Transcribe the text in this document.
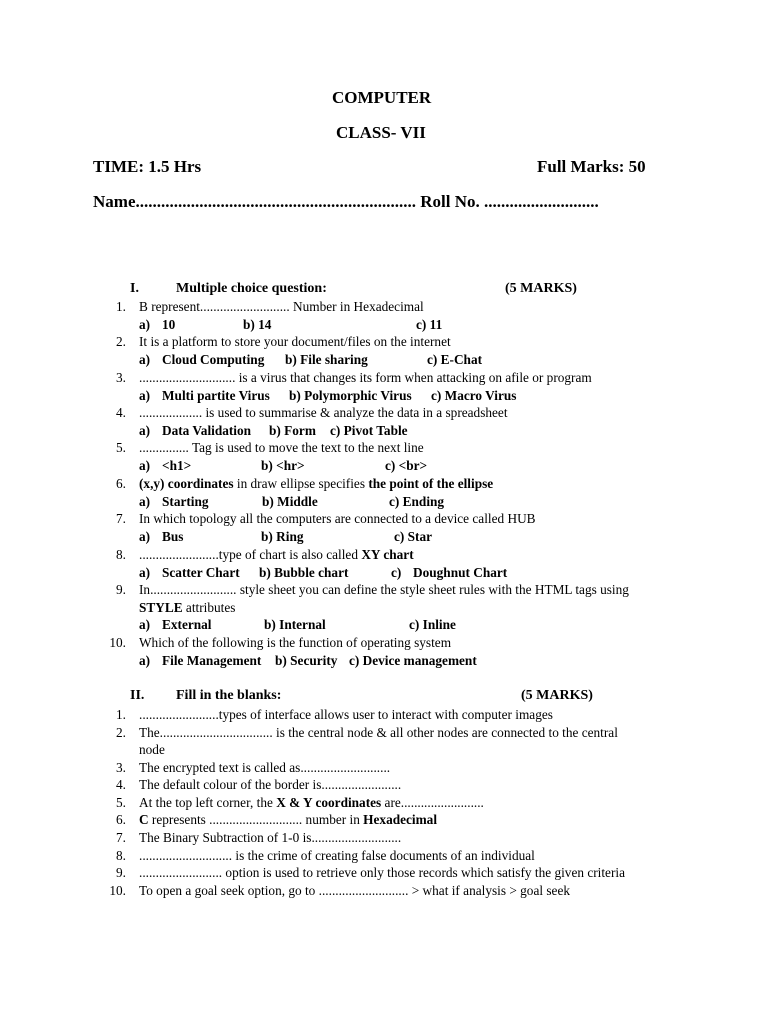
COMPUTER
CLASS- VII
TIME: 1.5 Hrs	Full Marks: 50
Name.................................................................. Roll No. ...........................
I.	Multiple choice question:	(5 MARKS)
1. B represent........................... Number in Hexadecimal
a) 10	b) 14	c) 11
2. It is a platform to store your document/files on the internet
a) Cloud Computing b) File sharing	c) E-Chat
3. ............................. is a virus that changes its form when attacking on afile or program
a) Multi partite Virus b) Polymorphic Virus c) Macro Virus
4. ................... is used to summarise & analyze the data in a spreadsheet
a) Data Validation b) Form c) Pivot Table
5. ............... Tag is used to move the text to the next line
a) <h1>	b) <hr>	c) <br>
6. (x,y) coordinates in draw ellipse specifies the point of the ellipse
a) Starting	b) Middle	c) Ending
7. In which topology all the computers are connected to a device called HUB
a) Bus	b) Ring	c) Star
8. ........................type of chart is also called XY chart
a) Scatter Chart b) Bubble chart	c) Doughnut Chart
9. In.......................... style sheet you can define the style sheet rules with the HTML tags using
STYLE attributes
a) External	b) Internal	c) Inline
10. Which of the following is the function of operating system
a) File Management b) Security c) Device management
II. Fill in the blanks:	(5 MARKS)
1. ........................types of interface allows user to interact with computer images
2. The.................................. is the central node & all other nodes are connected to the central
node
3. The encrypted text is called as...........................
4. The default colour of the border is........................
5. At the top left corner, the X & Y coordinates are.........................
6. C represents ............................ number in Hexadecimal
7. The Binary Subtraction of 1-0 is...........................
8. ............................ is the crime of creating false documents of an individual
9. ......................... option is used to retrieve only those records which satisfy the given criteria
10. To open a goal seek option, go to ........................... > what if analysis > goal seek
